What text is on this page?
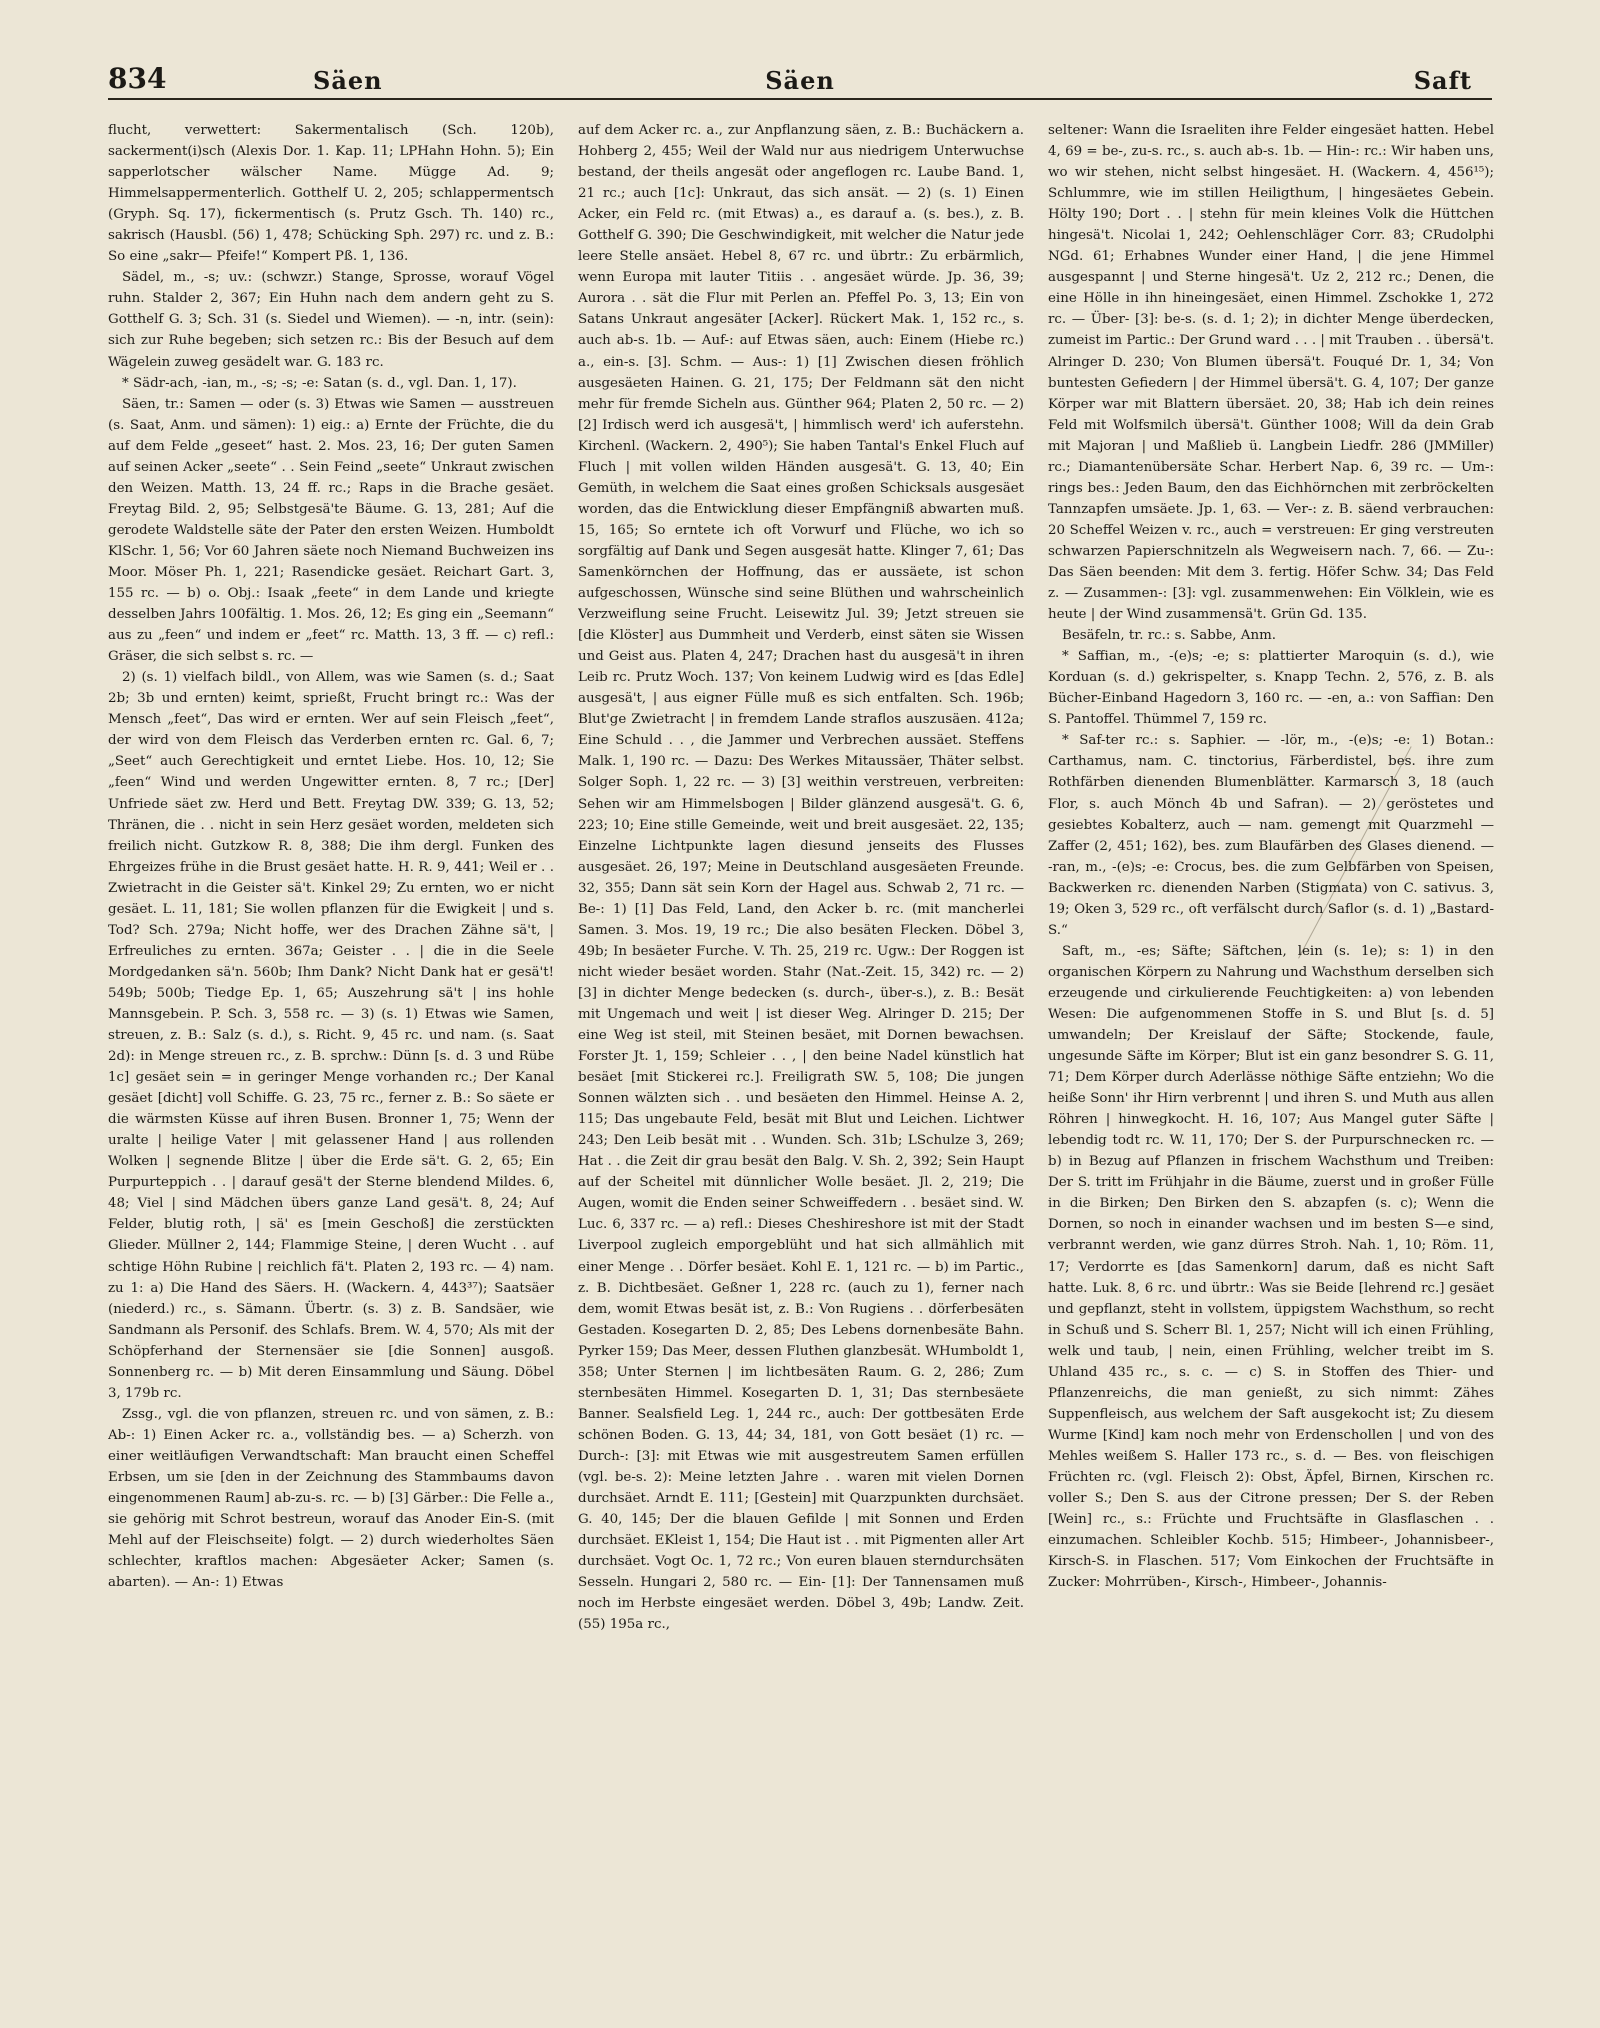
834	Säen	Säen	Saft

flucht, verwettert: Sakermentalisch (Sch. 120b), sackerment(i)sch (Alexis Dor. 1. Kap. 11; LPHahn Hohn. 5); Ein sapperlotscher wälscher Name. Mügge Ad. 9; Himmelsappermenterlich. Gotthelf U. 2, 205; schlappermentsch (Gryph. Sq. 17), fickermentisch (s. Prutz Gsch. Th. 140) rc., sakrisch (Hausbl. (56) 1, 478; Schücking Sph. 297) rc. und z. B.: So eine „sakr— Pfeife!“ Kompert Pß. 1, 136.

Sädel, m., -s; uv.: (schwzr.) Stange, Sprosse, worauf Vögel ruhn. Stalder 2, 367; Ein Huhn nach dem andern geht zu S. Gotthelf G. 3; Sch. 31 (s. Siedel und Wiemen). — -n, intr. (sein): sich zur Ruhe begeben; sich setzen rc.: Bis der Besuch auf dem Wägelein zuweg gesädelt war. G. 183 rc.

* Sädr-ach, -ian, m., -s; -s; -e: Satan (s. d., vgl. Dan. 1, 17).

Säen, tr.: Samen — oder (s. 3) Etwas wie Samen — ausstreuen (s. Saat, Anm. und sämen): 1) eig.: a) Ernte der Früchte, die du auf dem Felde „geseet“ hast. 2. Mos. 23, 16; Der guten Samen auf seinen Acker „seete“ . . Sein Feind „seete“ Unkraut zwischen den Weizen. Matth. 13, 24 ff. rc.; Raps in die Brache gesäet. Freytag Bild. 2, 95; Selbstgesä'te Bäume. G. 13, 281; Auf die gerodete Waldstelle säte der Pater den ersten Weizen. Humboldt KlSchr. 1, 56; Vor 60 Jahren säete noch Niemand Buchweizen ins Moor. Möser Ph. 1, 221; Rasendicke gesäet. Reichart Gart. 3, 155 rc. — b) o. Obj.: Isaak „feete“ in dem Lande und kriegte desselben Jahrs 100fältig. 1. Mos. 26, 12; Es ging ein „Seemann“ aus zu „feen“ und indem er „feet“ rc. Matth. 13, 3 ff. — c) refl.: Gräser, die sich selbst s. rc. —

2) (s. 1) vielfach bildl., von Allem, was wie Samen (s. d.; Saat 2b; 3b und ernten) keimt, sprießt, Frucht bringt rc.: Was der Mensch „feet“, Das wird er ernten. Wer auf sein Fleisch „feet“, der wird von dem Fleisch das Verderben ernten rc. Gal. 6, 7; „Seet“ auch Gerechtigkeit und erntet Liebe. Hos. 10, 12; Sie „feen“ Wind und werden Ungewitter ernten. 8, 7 rc.; [Der] Unfriede säet zw. Herd und Bett. Freytag DW. 339; G. 13, 52; Thränen, die . . nicht in sein Herz gesäet worden, meldeten sich freilich nicht. Gutzkow R. 8, 388; Die ihm dergl. Funken des Ehrgeizes frühe in die Brust gesäet hatte. H. R. 9, 441; Weil er . . Zwietracht in die Geister sä't. Kinkel 29; Zu ernten, wo er nicht gesäet. L. 11, 181; Sie wollen pflanzen für die Ewigkeit | und s. Tod? Sch. 279a; Nicht hoffe, wer des Drachen Zähne sä't, | Erfreuliches zu ernten. 367a; Geister . . | die in die Seele Mordgedanken sä'n. 560b; Ihm Dank? Nicht Dank hat er gesä't! 549b; 500b; Tiedge Ep. 1, 65; Auszehrung sä't | ins hohle Mannsgebein. P. Sch. 3, 558 rc. — 3) (s. 1) Etwas wie Samen, streuen, z. B.: Salz (s. d.), s. Richt. 9, 45 rc. und nam. (s. Saat 2d): in Menge streuen rc., z. B. sprchw.: Dünn [s. d. 3 und Rübe 1c] gesäet sein = in geringer Menge vorhanden rc.; Der Kanal gesäet [dicht] voll Schiffe. G. 23, 75 rc., ferner z. B.: So säete er die wärmsten Küsse auf ihren Busen. Bronner 1, 75; Wenn der uralte | heilige Vater | mit gelassener Hand | aus rollenden Wolken | segnende Blitze | über die Erde sä't. G. 2, 65; Ein Purpurteppich . . | darauf gesä't der Sterne blendend Mildes. 6, 48; Viel | sind Mädchen übers ganze Land gesä't. 8, 24; Auf Felder, blutig roth, | sä' es [mein Geschoß] die zerstückten Glieder. Müllner 2, 144; Flammige Steine, | deren Wucht . . auf schtige Höhn Rubine | reichlich fä't. Platen 2, 193 rc. — 4) nam. zu 1: a) Die Hand des Säers. H. (Wackern. 4, 443³⁷); Saatsäer (niederd.) rc., s. Sämann. Übertr. (s. 3) z. B. Sandsäer, wie Sandmann als Personif. des Schlafs. Brem. W. 4, 570; Als mit der Schöpferhand der Sternensäer sie [die Sonnen] ausgoß. Sonnenberg rc. — b) Mit deren Einsammlung und Säung. Döbel 3, 179b rc.

Zssg., vgl. die von pflanzen, streuen rc. und von sämen, z. B.: Ab-: 1) Einen Acker rc. a., vollständig bes. — a) Scherzh. von einer weitläufigen Verwandtschaft: Man braucht einen Scheffel Erbsen, um sie [den in der Zeichnung des Stammbaums davon eingenommenen Raum] ab-zu-s. rc. — b) [3] Gärber.: Die Felle a., sie gehörig mit Schrot bestreun, worauf das Anoder Ein-S. (mit Mehl auf der Fleischseite) folgt. — 2) durch wiederholtes Säen schlechter, kraftlos machen: Abgesäeter Acker; Samen (s. abarten). — An-: 1) Etwas

auf dem Acker rc. a., zur Anpflanzung säen, z. B.: Buchäckern a. Hohberg 2, 455; Weil der Wald nur aus niedrigem Unterwuchse bestand, der theils angesät oder angeflogen rc. Laube Band. 1, 21 rc.; auch [1c]: Unkraut, das sich ansät. — 2) (s. 1) Einen Acker, ein Feld rc. (mit Etwas) a., es darauf a. (s. bes.), z. B. Gotthelf G. 390; Die Geschwindigkeit, mit welcher die Natur jede leere Stelle ansäet. Hebel 8, 67 rc. und übrtr.: Zu erbärmlich, wenn Europa mit lauter Titiis . . angesäet würde. Jp. 36, 39; Aurora . . sät die Flur mit Perlen an. Pfeffel Po. 3, 13; Ein von Satans Unkraut angesäter [Acker]. Rückert Mak. 1, 152 rc., s. auch ab-s. 1b. — Auf-: auf Etwas säen, auch: Einem (Hiebe rc.) a., ein-s. [3]. Schm. — Aus-: 1) [1] Zwischen diesen fröhlich ausgesäeten Hainen. G. 21, 175; Der Feldmann sät den nicht mehr für fremde Sicheln aus. Günther 964; Platen 2, 50 rc. — 2) [2] Irdisch werd ich ausgesä't, | himmlisch werd' ich auferstehn. Kirchenl. (Wackern. 2, 490⁵); Sie haben Tantal's Enkel Fluch auf Fluch | mit vollen wilden Händen ausgesä't. G. 13, 40; Ein Gemüth, in welchem die Saat eines großen Schicksals ausgesäet worden, das die Entwicklung dieser Empfängniß abwarten muß. 15, 165; So erntete ich oft Vorwurf und Flüche, wo ich so sorgfältig auf Dank und Segen ausgesät hatte. Klinger 7, 61; Das Samenkörnchen der Hoffnung, das er aussäete, ist schon aufgeschossen, Wünsche sind seine Blüthen und wahrscheinlich Verzweiflung seine Frucht. Leisewitz Jul. 39; Jetzt streuen sie [die Klöster] aus Dummheit und Verderb, einst säten sie Wissen und Geist aus. Platen 4, 247; Drachen hast du ausgesä't in ihren Leib rc. Prutz Woch. 137; Von keinem Ludwig wird es [das Edle] ausgesä't, | aus eigner Fülle muß es sich entfalten. Sch. 196b; Blut'ge Zwietracht | in fremdem Lande straflos auszusäen. 412a; Eine Schuld . . , die Jammer und Verbrechen aussäet. Steffens Malk. 1, 190 rc. — Dazu: Des Werkes Mitaussäer, Thäter selbst. Solger Soph. 1, 22 rc. — 3) [3] weithin verstreuen, verbreiten: Sehen wir am Himmelsbogen | Bilder glänzend ausgesä't. G. 6, 223; 10; Eine stille Gemeinde, weit und breit ausgesäet. 22, 135; Einzelne Lichtpunkte lagen diesund jenseits des Flusses ausgesäet. 26, 197; Meine in Deutschland ausgesäeten Freunde. 32, 355; Dann sät sein Korn der Hagel aus. Schwab 2, 71 rc. — Be-: 1) [1] Das Feld, Land, den Acker b. rc. (mit mancherlei Samen. 3. Mos. 19, 19 rc.; Die also besäten Flecken. Döbel 3, 49b; In besäeter Furche. V. Th. 25, 219 rc. Ugw.: Der Roggen ist nicht wieder besäet worden. Stahr (Nat.-Zeit. 15, 342) rc. — 2) [3] in dichter Menge bedecken (s. durch-, über-s.), z. B.: Besät mit Ungemach und weit | ist dieser Weg. Alringer D. 215; Der eine Weg ist steil, mit Steinen besäet, mit Dornen bewachsen. Forster Jt. 1, 159; Schleier . . , | den beine Nadel künstlich hat besäet [mit Stickerei rc.]. Freiligrath SW. 5, 108; Die jungen Sonnen wälzten sich . . und besäeten den Himmel. Heinse A. 2, 115; Das ungebaute Feld, besät mit Blut und Leichen. Lichtwer 243; Den Leib besät mit . . Wunden. Sch. 31b; LSchulze 3, 269; Hat . . die Zeit dir grau besät den Balg. V. Sh. 2, 392; Sein Haupt auf der Scheitel mit dünnlicher Wolle besäet. Jl. 2, 219; Die Augen, womit die Enden seiner Schweiffedern . . besäet sind. W. Luc. 6, 337 rc. — a) refl.: Dieses Cheshireshore ist mit der Stadt Liverpool zugleich emporgeblüht und hat sich allmählich mit einer Menge . . Dörfer besäet. Kohl E. 1, 121 rc. — b) im Partic., z. B. Dichtbesäet. Geßner 1, 228 rc. (auch zu 1), ferner nach dem, womit Etwas besät ist, z. B.: Von Rugiens . . dörferbesäten Gestaden. Kosegarten D. 2, 85; Des Lebens dornenbesäte Bahn. Pyrker 159; Das Meer, dessen Fluthen glanzbesät. WHumboldt 1, 358; Unter Sternen | im lichtbesäten Raum. G. 2, 286; Zum sternbesäten Himmel. Kosegarten D. 1, 31; Das sternbesäete Banner. Sealsfield Leg. 1, 244 rc., auch: Der gottbesäten Erde schönen Boden. G. 13, 44; 34, 181, von Gott besäet (1) rc. — Durch-: [3]: mit Etwas wie mit ausgestreutem Samen erfüllen (vgl. be-s. 2): Meine letzten Jahre . . waren mit vielen Dornen durchsäet. Arndt E. 111; [Gestein] mit Quarzpunkten durchsäet. G. 40, 145; Der die blauen Gefilde | mit Sonnen und Erden durchsäet. EKleist 1, 154; Die Haut ist . . mit Pigmenten aller Art durchsäet. Vogt Oc. 1, 72 rc.; Von euren blauen sterndurchsäten Sesseln. Hungari 2, 580 rc. — Ein- [1]: Der Tannensamen muß noch im Herbste eingesäet werden. Döbel 3, 49b; Landw. Zeit. (55) 195a rc.,

seltener: Wann die Israeliten ihre Felder eingesäet hatten. Hebel 4, 69 = be-, zu-s. rc., s. auch ab-s. 1b. — Hin-: rc.: Wir haben uns, wo wir stehen, nicht selbst hingesäet. H. (Wackern. 4, 456¹⁵); Schlummre, wie im stillen Heiligthum, | hingesäetes Gebein. Hölty 190; Dort . . | stehn für mein kleines Volk die Hüttchen hingesä't. Nicolai 1, 242; Oehlenschläger Corr. 83; CRudolphi NGd. 61; Erhabnes Wunder einer Hand, | die jene Himmel ausgespannt | und Sterne hingesä't. Uz 2, 212 rc.; Denen, die eine Hölle in ihn hineingesäet, einen Himmel. Zschokke 1, 272 rc. — Über- [3]: be-s. (s. d. 1; 2); in dichter Menge überdecken, zumeist im Partic.: Der Grund ward . . . | mit Trauben . . übersä't. Alringer D. 230; Von Blumen übersä't. Fouqué Dr. 1, 34; Von buntesten Gefiedern | der Himmel übersä't. G. 4, 107; Der ganze Körper war mit Blattern übersäet. 20, 38; Hab ich dein reines Feld mit Wolfsmilch übersä't. Günther 1008; Will da dein Grab mit Majoran | und Maßlieb ü. Langbein Liedfr. 286 (JMMiller) rc.; Diamantenübersäte Schar. Herbert Nap. 6, 39 rc. — Um-: rings bes.: Jeden Baum, den das Eichhörnchen mit zerbröckelten Tannzapfen umsäete. Jp. 1, 63. — Ver-: z. B. säend verbrauchen: 20 Scheffel Weizen v. rc., auch = verstreuen: Er ging verstreuten schwarzen Papierschnitzeln als Wegweisern nach. 7, 66. — Zu-: Das Säen beenden: Mit dem 3. fertig. Höfer Schw. 34; Das Feld z. — Zusammen-: [3]: vgl. zusammenwehen: Ein Völklein, wie es heute | der Wind zusammensä't. Grün Gd. 135.

Besäfeln, tr. rc.: s. Sabbe, Anm.

* Saffian, m., -(e)s; -e; s: plattierter Maroquin (s. d.), wie Korduan (s. d.) gekrispelter, s. Knapp Techn. 2, 576, z. B. als Bücher-Einband Hagedorn 3, 160 rc. — -en, a.: von Saffian: Den S. Pantoffel. Thümmel 7, 159 rc.

* Saf-ter rc.: s. Saphier. — -lör, m., -(e)s; -e: 1) Botan.: Carthamus, nam. C. tinctorius, Färberdistel, bes. ihre zum Rothfärben dienenden Blumenblätter. Karmarsch 3, 18 (auch Flor, s. auch Mönch 4b und Safran). — 2) geröstetes und gesiebtes Kobalterz, auch — nam. gemengt mit Quarzmehl — Zaffer (2, 451; 162), bes. zum Blaufärben des Glases dienend. — -ran, m., -(e)s; -e: Crocus, bes. die zum Gelbfärben von Speisen, Backwerken rc. dienenden Narben (Stigmata) von C. sativus. 3, 19; Oken 3, 529 rc., oft verfälscht durch Saflor (s. d. 1) „Bastard-S.“

Saft, m., -es; Säfte; Säftchen, lein (s. 1e); s: 1) in den organischen Körpern zu Nahrung und Wachsthum derselben sich erzeugende und cirkulierende Feuchtigkeiten: a) von lebenden Wesen: Die aufgenommenen Stoffe in S. und Blut [s. d. 5] umwandeln; Der Kreislauf der Säfte; Stockende, faule, ungesunde Säfte im Körper; Blut ist ein ganz besondrer S. G. 11, 71; Dem Körper durch Aderlässe nöthige Säfte entziehn; Wo die heiße Sonn' ihr Hirn verbrennt | und ihren S. und Muth aus allen Röhren | hinwegkocht. H. 16, 107; Aus Mangel guter Säfte | lebendig todt rc. W. 11, 170; Der S. der Purpurschnecken rc. — b) in Bezug auf Pflanzen in frischem Wachsthum und Treiben: Der S. tritt im Frühjahr in die Bäume, zuerst und in großer Fülle in die Birken; Den Birken den S. abzapfen (s. c); Wenn die Dornen, so noch in einander wachsen und im besten S—e sind, verbrannt werden, wie ganz dürres Stroh. Nah. 1, 10; Röm. 11, 17; Verdorrte es [das Samenkorn] darum, daß es nicht Saft hatte. Luk. 8, 6 rc. und übrtr.: Was sie Beide [lehrend rc.] gesäet und gepflanzt, steht in vollstem, üppigstem Wachsthum, so recht in Schuß und S. Scherr Bl. 1, 257; Nicht will ich einen Frühling, welk und taub, | nein, einen Frühling, welcher treibt im S. Uhland 435 rc., s. c. — c) S. in Stoffen des Thier- und Pflanzenreichs, die man genießt, zu sich nimmt: Zähes Suppenfleisch, aus welchem der Saft ausgekocht ist; Zu diesem Wurme [Kind] kam noch mehr von Erdenschollen | und von des Mehles weißem S. Haller 173 rc., s. d. — Bes. von fleischigen Früchten rc. (vgl. Fleisch 2): Obst, Äpfel, Birnen, Kirschen rc. voller S.; Den S. aus der Citrone pressen; Der S. der Reben [Wein] rc., s.: Früchte und Fruchtsäfte in Glasflaschen . . einzumachen. Schleibler Kochb. 515; Himbeer-, Johannisbeer-, Kirsch-S. in Flaschen. 517; Vom Einkochen der Fruchtsäfte in Zucker: Mohrrüben-, Kirsch-, Himbeer-, Johannis-
